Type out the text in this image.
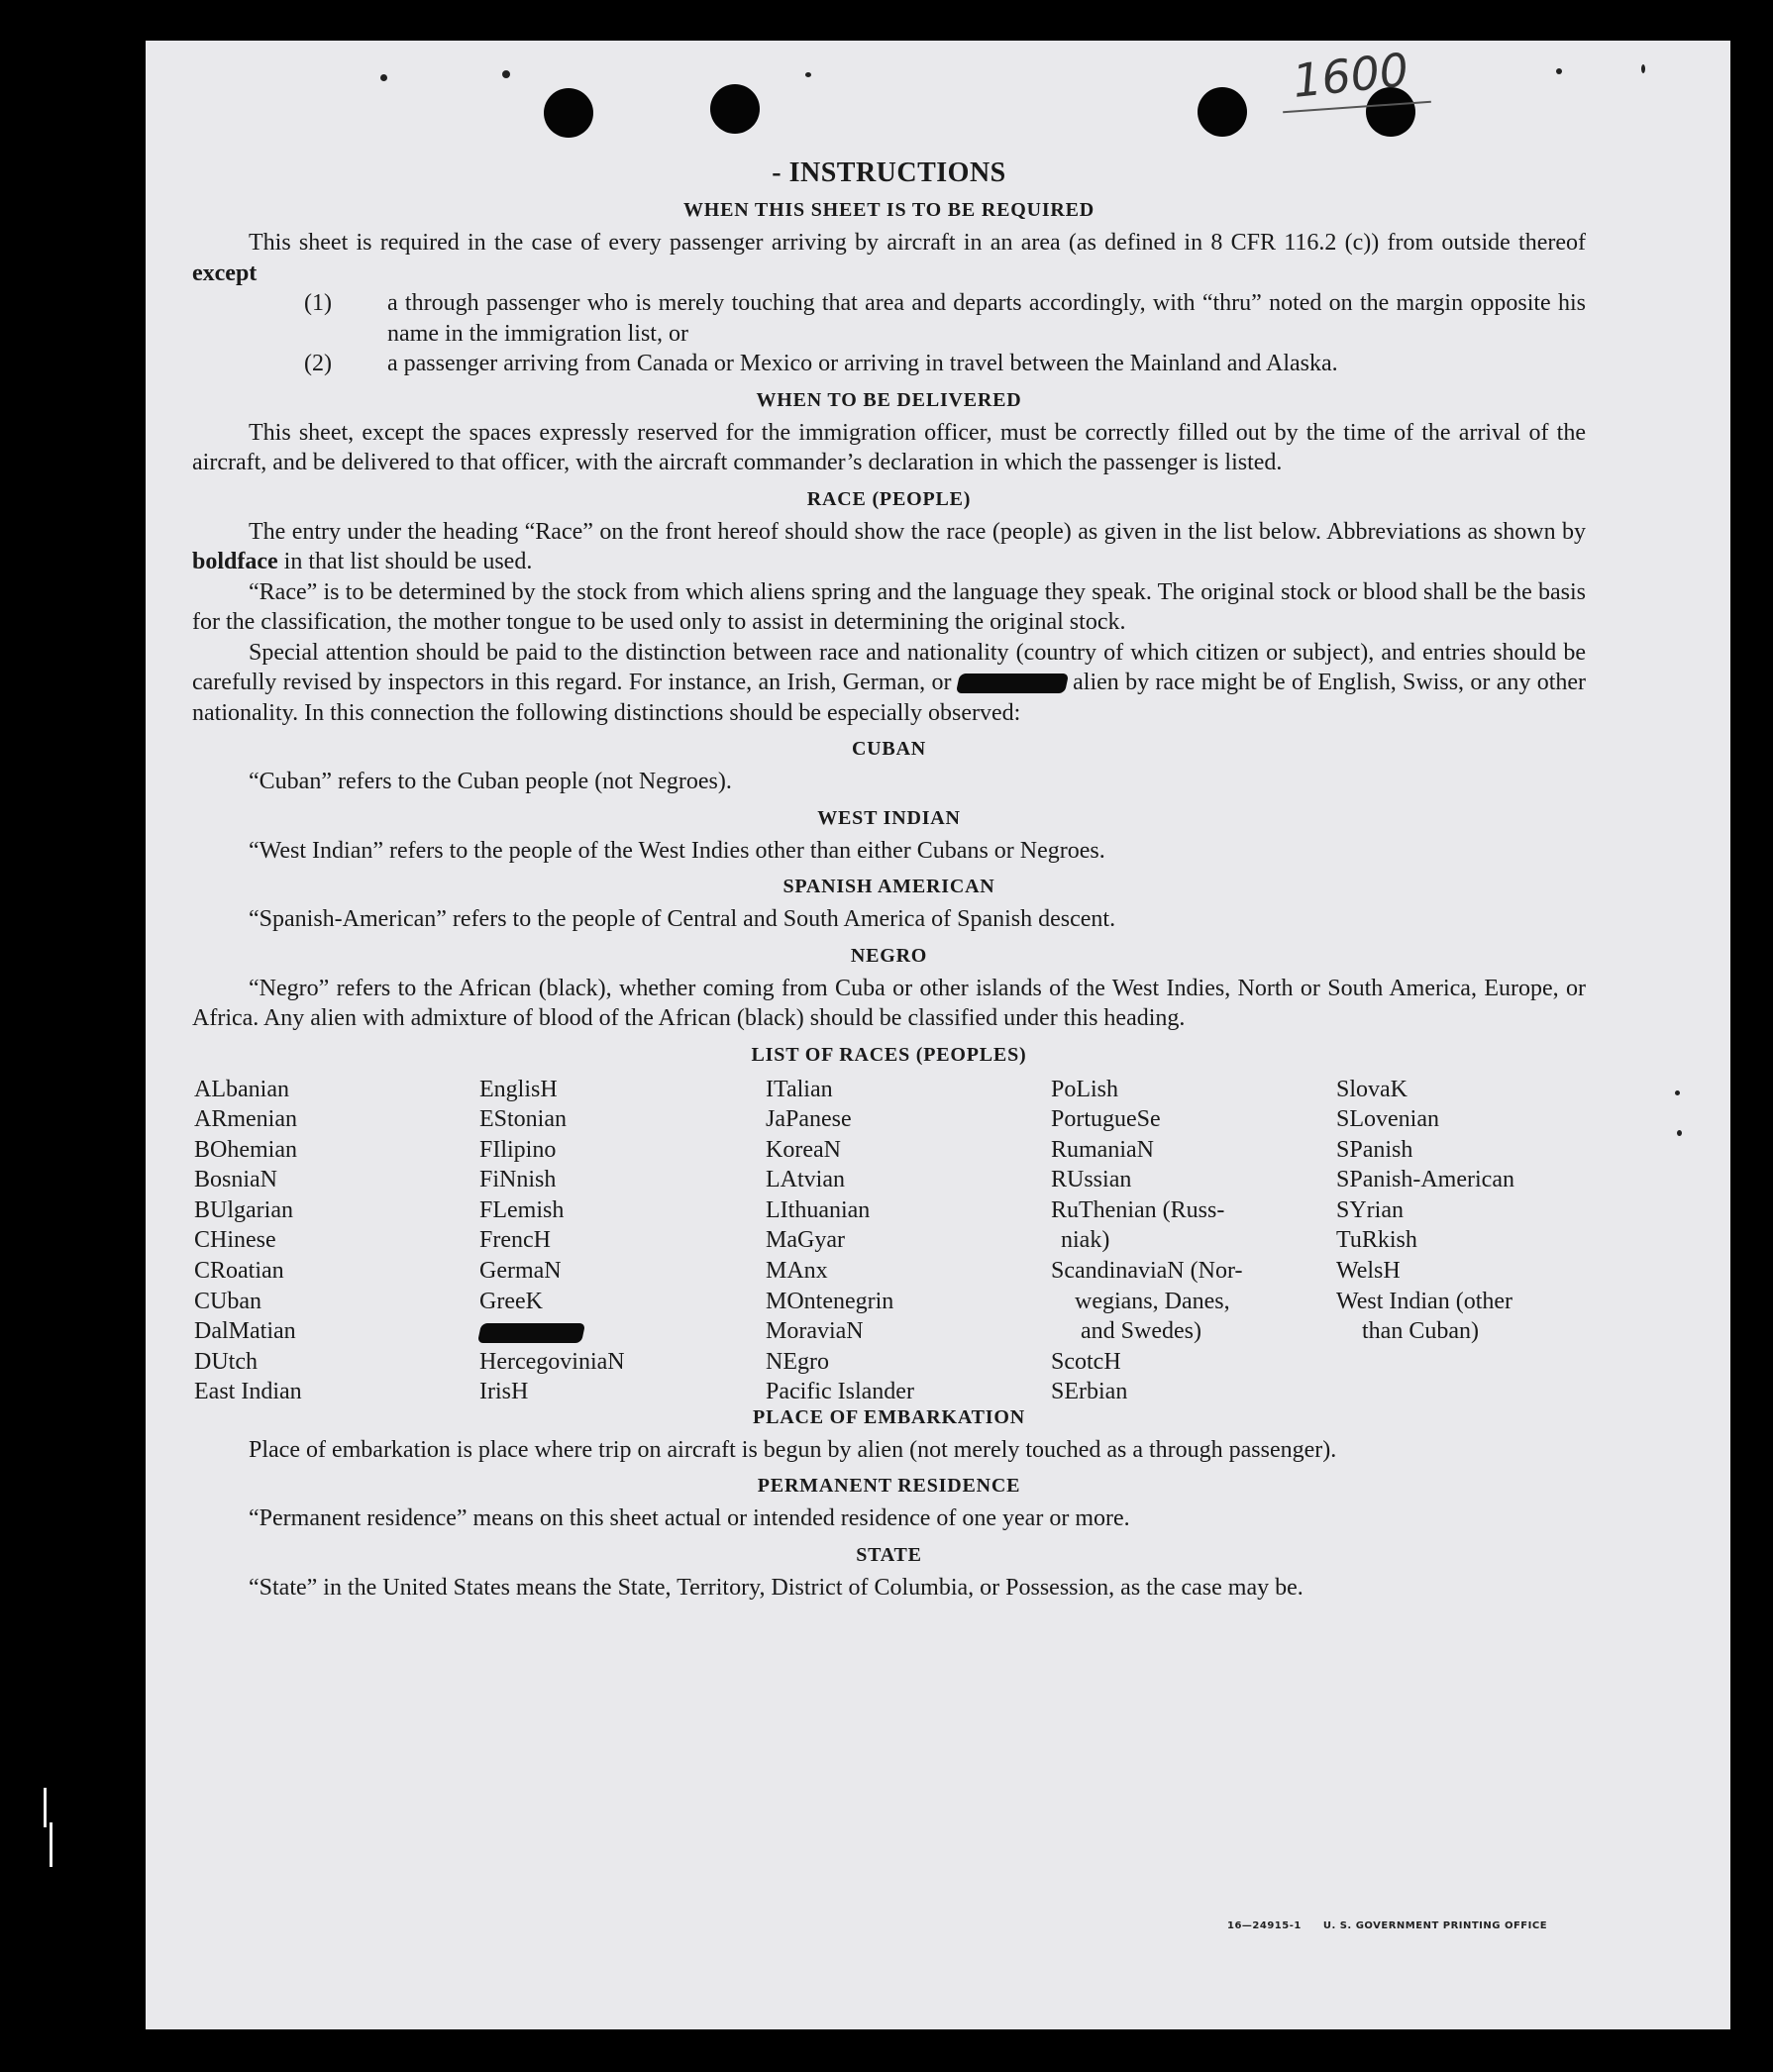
1600
- INSTRUCTIONS
WHEN THIS SHEET IS TO BE REQUIRED

This sheet is required in the case of every passenger arriving by aircraft in an area (as defined in 8 CFR 116.2 (c)) from outside thereof except

(1) a through passenger who is merely touching that area and departs accordingly, with “thru” noted on the margin opposite his name in the immigration list, or
(2) a passenger arriving from Canada or Mexico or arriving in travel between the Mainland and Alaska.
WHEN TO BE DELIVERED

This sheet, except the spaces expressly reserved for the immigration officer, must be correctly filled out by the time of the arrival of the aircraft, and be delivered to that officer, with the aircraft commander’s declaration in which the passenger is listed.

RACE (PEOPLE)

The entry under the heading “Race” on the front hereof should show the race (people) as given in the list below. Abbreviations as shown by boldface in that list should be used.

“Race” is to be determined by the stock from which aliens spring and the language they speak. The original stock or blood shall be the basis for the classification, the mother tongue to be used only to assist in determining the original stock.

Special attention should be paid to the distinction between race and nationality (country of which citizen or subject), and entries should be carefully revised by inspectors in this regard. For instance, an Irish, German, or	alien by race might be of English, Swiss, or any other nationality. In this connection the following distinctions should be especially observed:

CUBAN

“Cuban” refers to the Cuban people (not Negroes).

WEST INDIAN

“West Indian” refers to the people of the West Indies other than either Cubans or Negroes.

SPANISH AMERICAN

“Spanish-American” refers to the people of Central and South America of Spanish descent.

NEGRO

“Negro” refers to the African (black), whether coming from Cuba or other islands of the West Indies, North or South America, Europe, or Africa. Any alien with admixture of blood of the African (black) should be classified under this heading.

LIST OF RACES (PEOPLES)
ALbanian
ARmenian
BOhemian
BosniaN
BUlgarian
CHinese
CRoatian
CUban
DalMatian
DUtch
East Indian
EnglisH
EStonian
FIlipino
FiNnish
FLemish
FrencH
GermaN
GreeK
HercegoviniaN
IrisH
ITalian
JaPanese
KoreaN
LAtvian
LIthuanian
MaGyar
MAnx
MOntenegrin
MoraviaN
NEgro
Pacific Islander
PoLish
PortugueSe
RumaniaN
RUssian
RuThenian (Russ-
niak)
ScandinaviaN (Nor-
wegians, Danes,
and Swedes)
ScotcH
SErbian
SlovaK
SLovenian
SPanish
SPanish-American
SYrian
TuRkish
WelsH
West Indian (other
than Cuban)
PLACE OF EMBARKATION

Place of embarkation is place where trip on aircraft is begun by alien (not merely touched as a through passenger).

PERMANENT RESIDENCE

“Permanent residence” means on this sheet actual or intended residence of one year or more.

STATE

“State” in the United States means the State, Territory, District of Columbia, or Possession, as the case may be.

16—24915-1 U. S. GOVERNMENT PRINTING OFFICE
